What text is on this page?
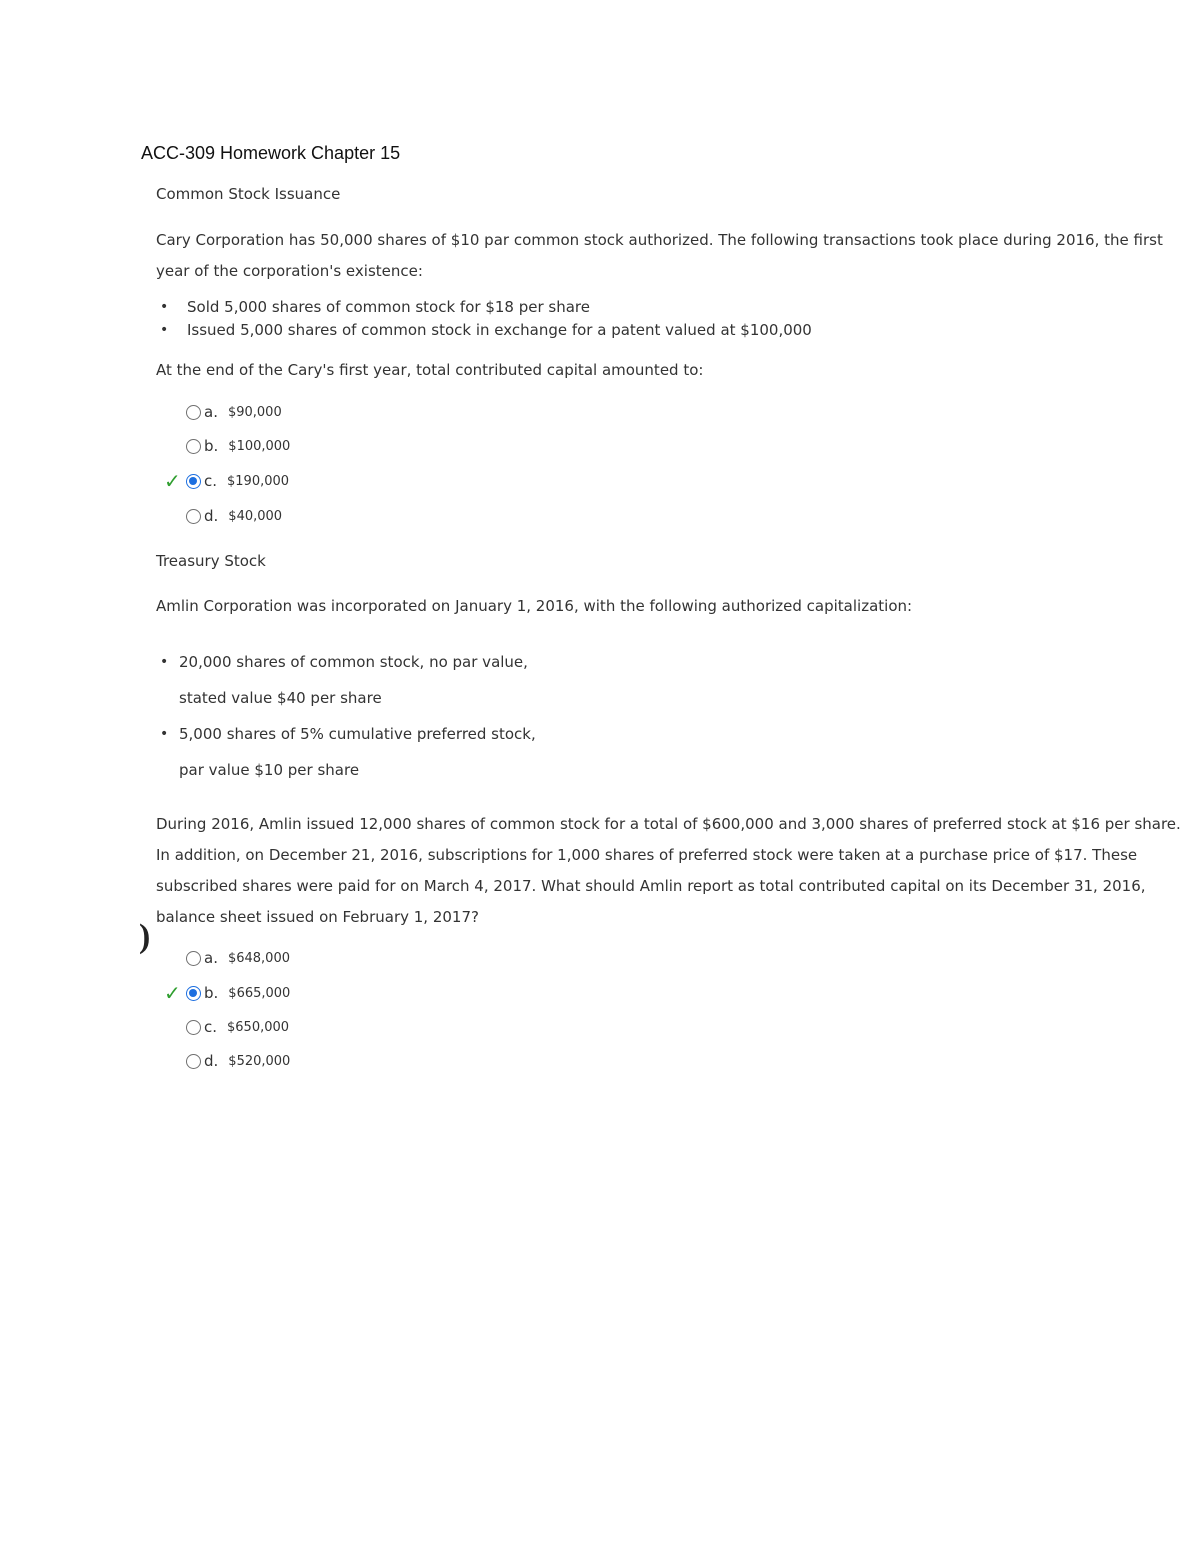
ACC-309 Homework Chapter 15
Common Stock Issuance
Cary Corporation has 50,000 shares of $10 par common stock authorized. The following transactions took place during 2016, the first year of the corporation's existence:
• Sold 5,000 shares of common stock for $18 per share
• Issued 5,000 shares of common stock in exchange for a patent valued at $100,000
At the end of the Cary's first year, total contributed capital amounted to:
a. $90,000
b. $100,000
✓	c. $190,000
d. $40,000
Treasury Stock
Amlin Corporation was incorporated on January 1, 2016, with the following authorized capitalization:
• 20,000 shares of common stock, no par value,
stated value $40 per share
• 5,000 shares of 5% cumulative preferred stock,
par value $10 per share
During 2016, Amlin issued 12,000 shares of common stock for a total of $600,000 and 3,000 shares of preferred stock at $16 per share. In addition, on December 21, 2016, subscriptions for 1,000 shares of preferred stock were taken at a purchase price of $17. These subscribed shares were paid for on March 4, 2017. What should Amlin report as total contributed capital on its December 31, 2016, balance sheet issued on February 1, 2017?
)
a. $648,000
✓	b. $665,000
c. $650,000
d. $520,000
